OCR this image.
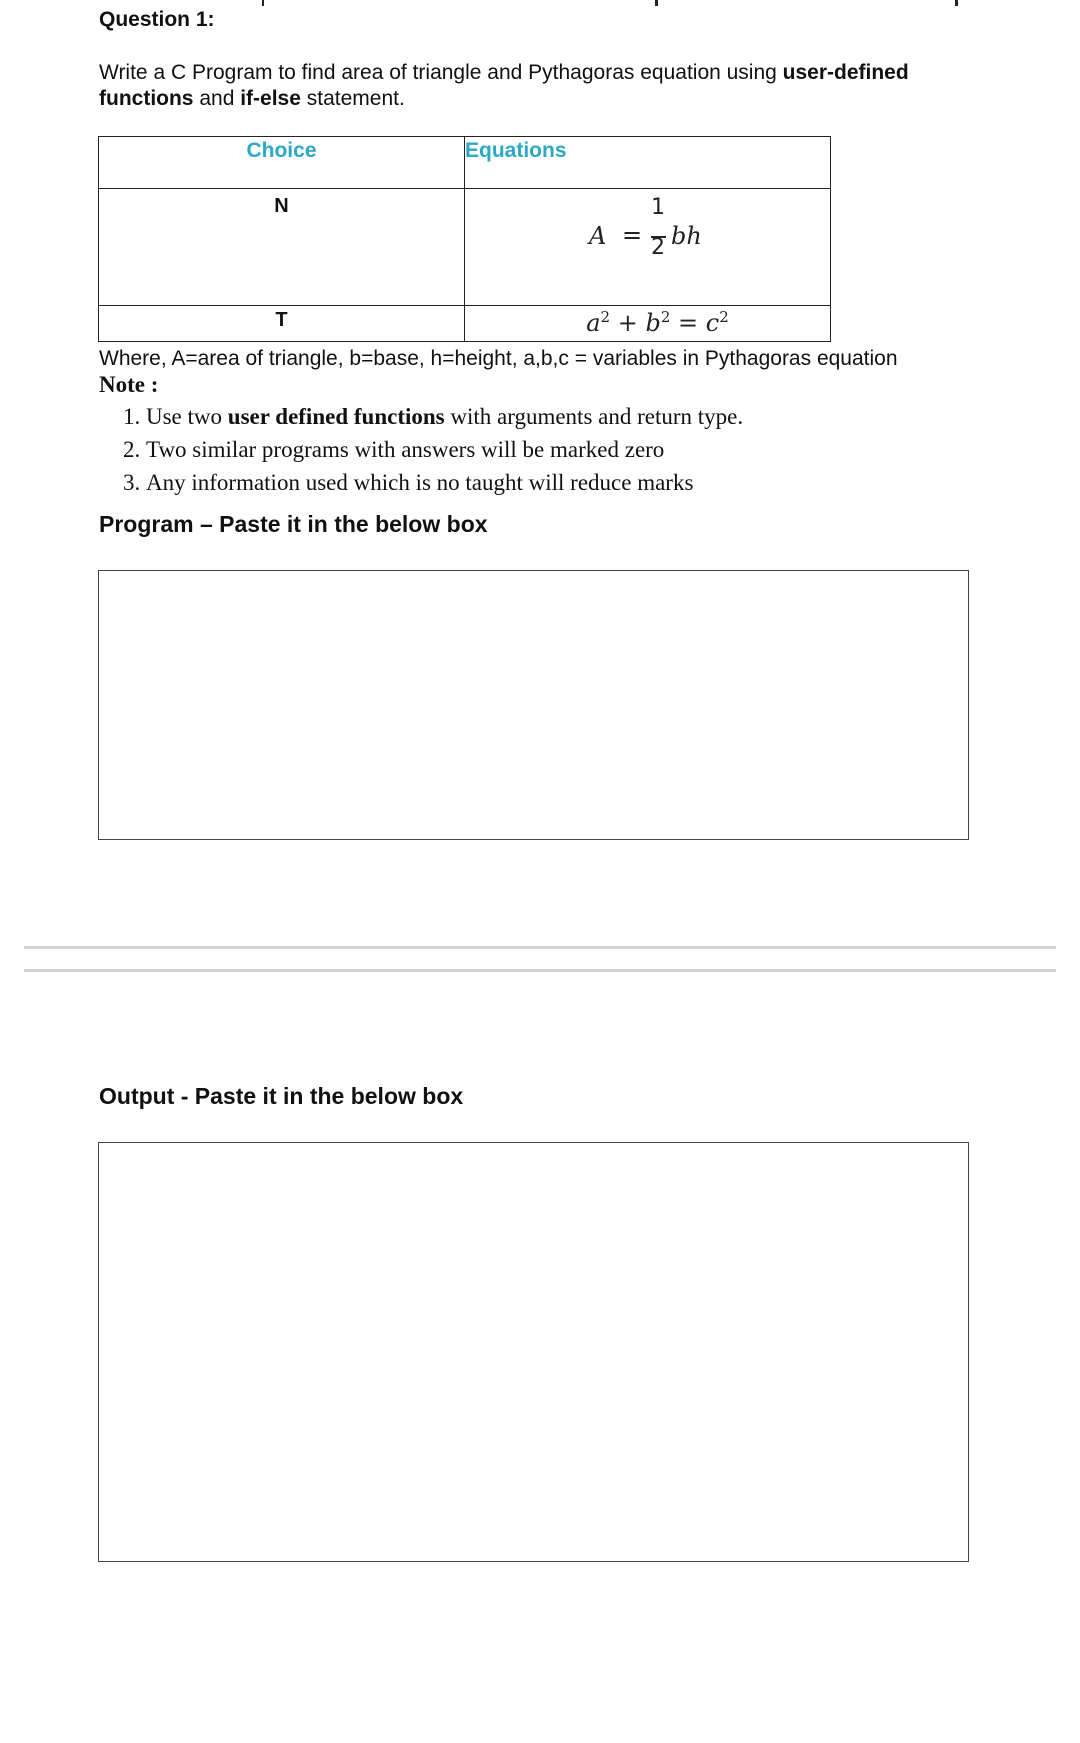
Question 1:
Write a C Program to find area of triangle and Pythagoras equation using user-defined functions and if-else statement.
Choice	Equations
N	A =
1
2 bh

T	$a^2 + b^2 = c^2$
Where, A=area of triangle, b=base, h=height, a,b,c = variables in Pythagoras equation
Note :
1. Use two user defined functions with arguments and return type.
2. Two similar programs with answers will be marked zero
3. Any information used which is no taught will reduce marks
Program – Paste it in the below box
Output - Paste it in the below box
